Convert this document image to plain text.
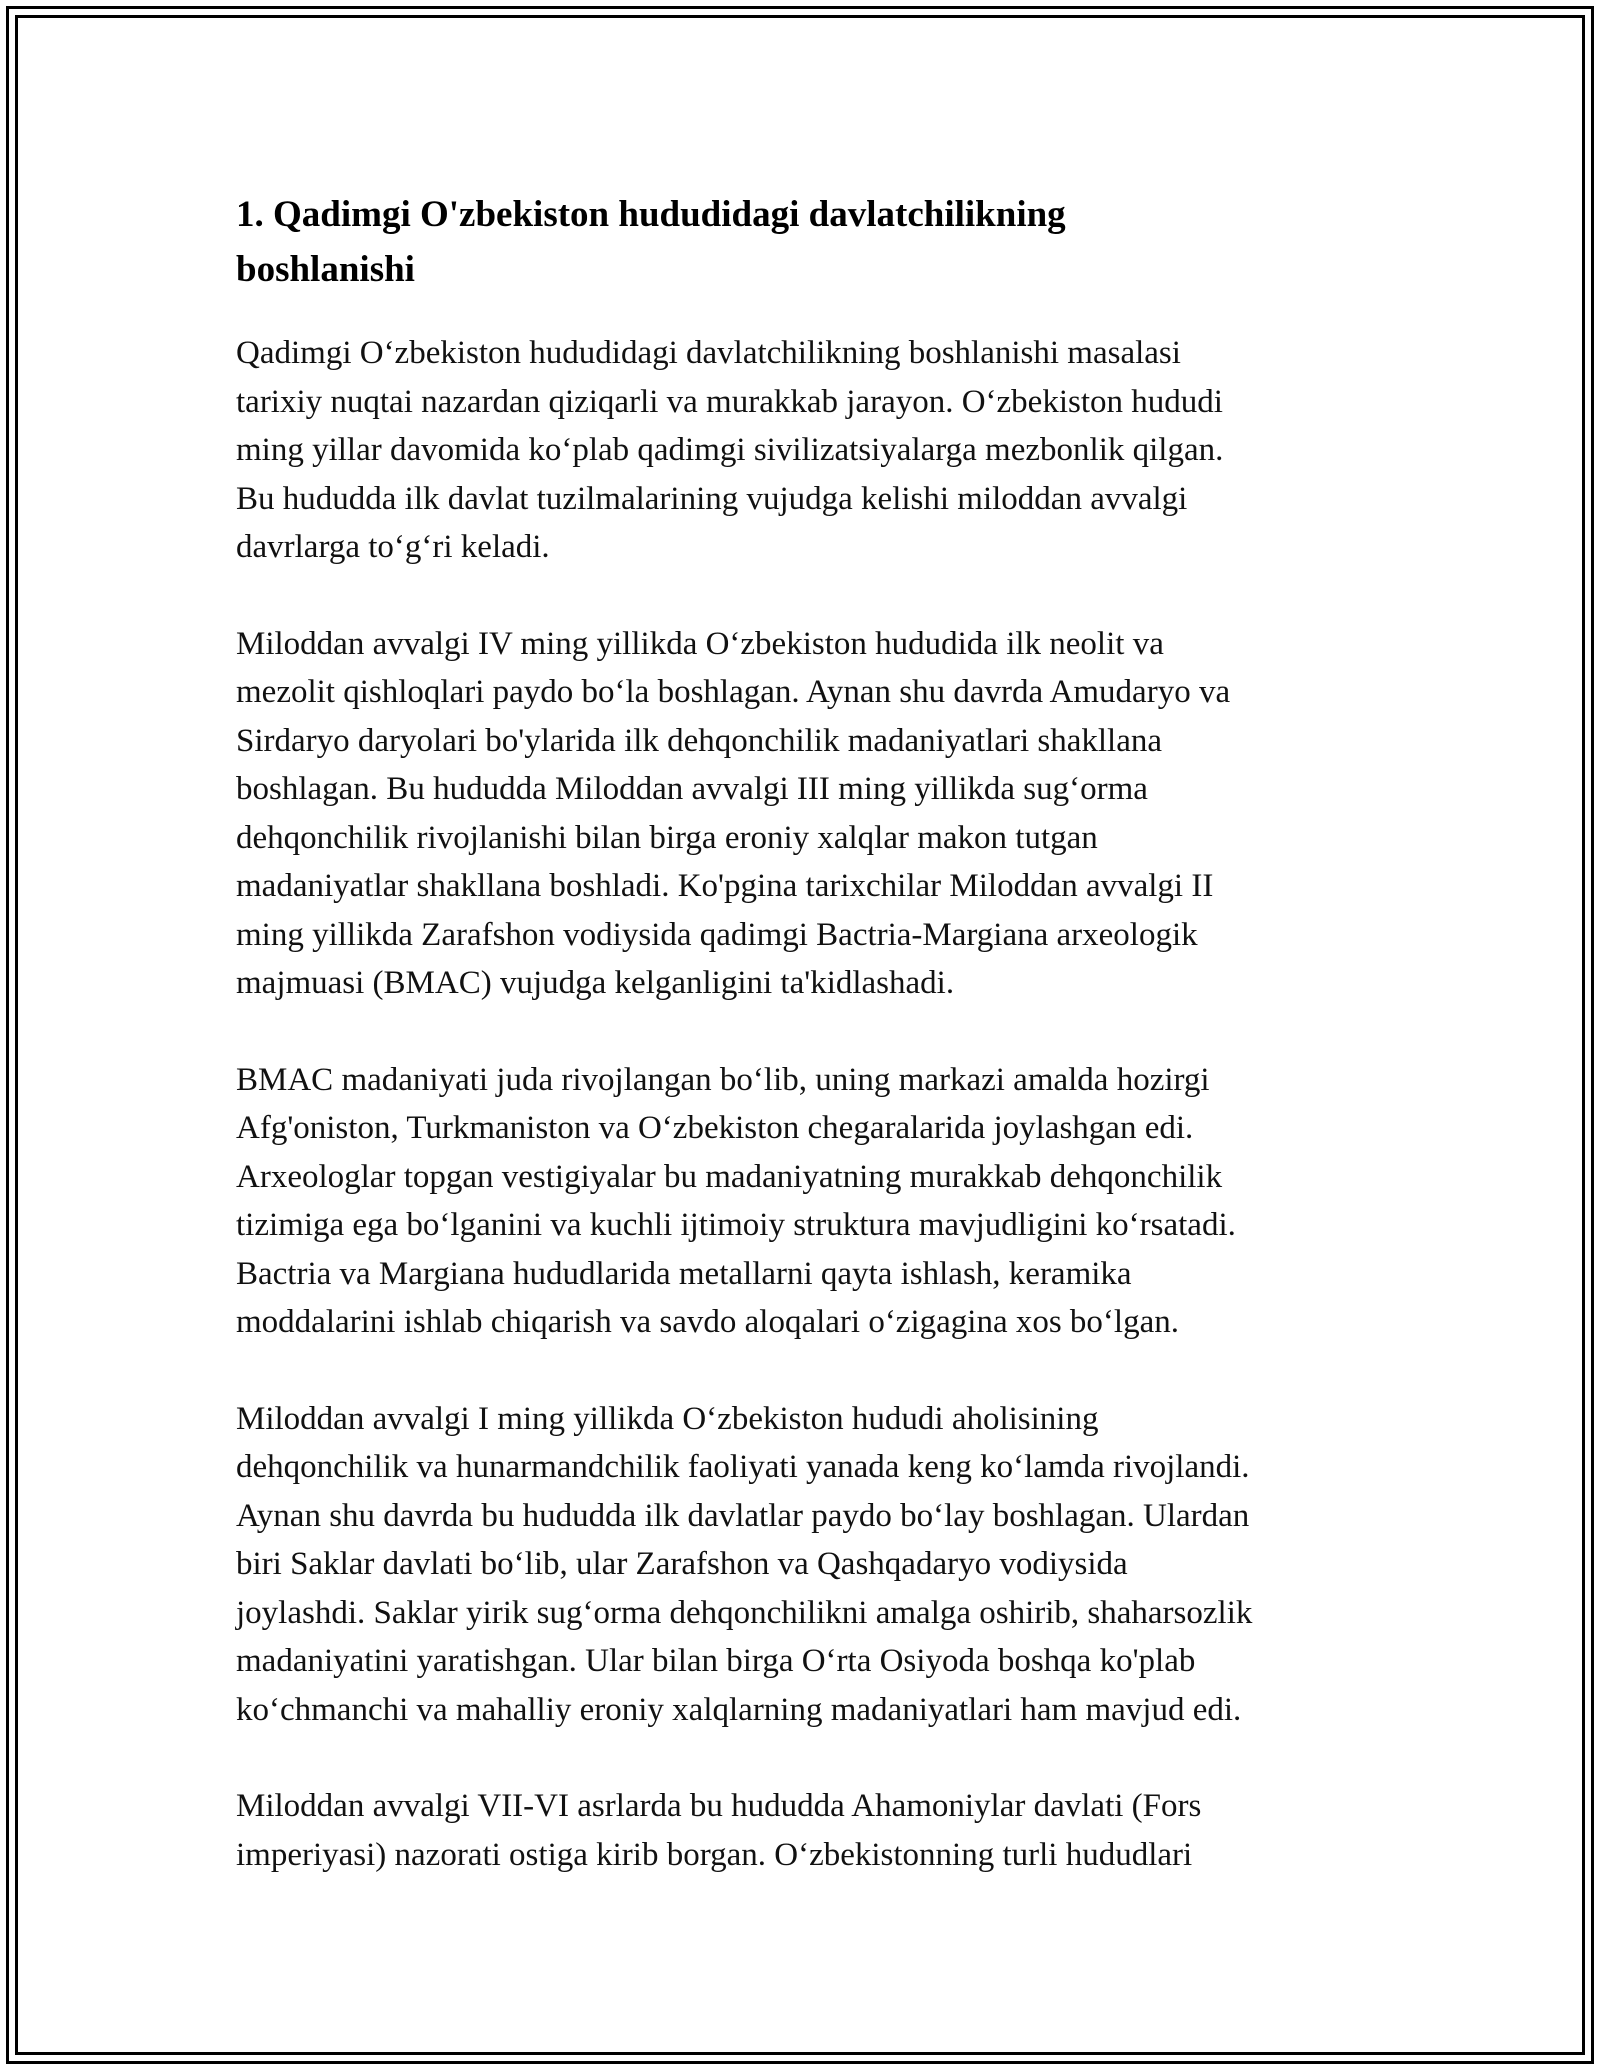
1. Qadimgi O'zbekiston hududidagi davlatchilikning
boshlanishi

Qadimgi O‘zbekiston hududidagi davlatchilikning boshlanishi masalasi
tarixiy nuqtai nazardan qiziqarli va murakkab jarayon. O‘zbekiston hududi
ming yillar davomida ko‘plab qadimgi sivilizatsiyalarga mezbonlik qilgan.
Bu hududda ilk davlat tuzilmalarining vujudga kelishi miloddan avvalgi
davrlarga to‘g‘ri keladi.

Miloddan avvalgi IV ming yillikda O‘zbekiston hududida ilk neolit va
mezolit qishloqlari paydo bo‘la boshlagan. Aynan shu davrda Amudaryo va
Sirdaryo daryolari bo'ylarida ilk dehqonchilik madaniyatlari shakllana
boshlagan. Bu hududda Miloddan avvalgi III ming yillikda sug‘orma
dehqonchilik rivojlanishi bilan birga eroniy xalqlar makon tutgan
madaniyatlar shakllana boshladi. Ko'pgina tarixchilar Miloddan avvalgi II
ming yillikda Zarafshon vodiysida qadimgi Bactria-Margiana arxeologik
majmuasi (BMAC) vujudga kelganligini ta'kidlashadi.

BMAC madaniyati juda rivojlangan bo‘lib, uning markazi amalda hozirgi
Afg'oniston, Turkmaniston va O‘zbekiston chegaralarida joylashgan edi.
Arxeologlar topgan vestigiyalar bu madaniyatning murakkab dehqonchilik
tizimiga ega bo‘lganini va kuchli ijtimoiy struktura mavjudligini ko‘rsatadi.
Bactria va Margiana hududlarida metallarni qayta ishlash, keramika
moddalarini ishlab chiqarish va savdo aloqalari o‘zigagina xos bo‘lgan.

Miloddan avvalgi I ming yillikda O‘zbekiston hududi aholisining
dehqonchilik va hunarmandchilik faoliyati yanada keng ko‘lamda rivojlandi.
Aynan shu davrda bu hududda ilk davlatlar paydo bo‘lay boshlagan. Ulardan
biri Saklar davlati bo‘lib, ular Zarafshon va Qashqadaryo vodiysida
joylashdi. Saklar yirik sug‘orma dehqonchilikni amalga oshirib, shaharsozlik
madaniyatini yaratishgan. Ular bilan birga O‘rta Osiyoda boshqa ko'plab
ko‘chmanchi va mahalliy eroniy xalqlarning madaniyatlari ham mavjud edi.

Miloddan avvalgi VII-VI asrlarda bu hududda Ahamoniylar davlati (Fors
imperiyasi) nazorati ostiga kirib borgan. O‘zbekistonning turli hududlari
